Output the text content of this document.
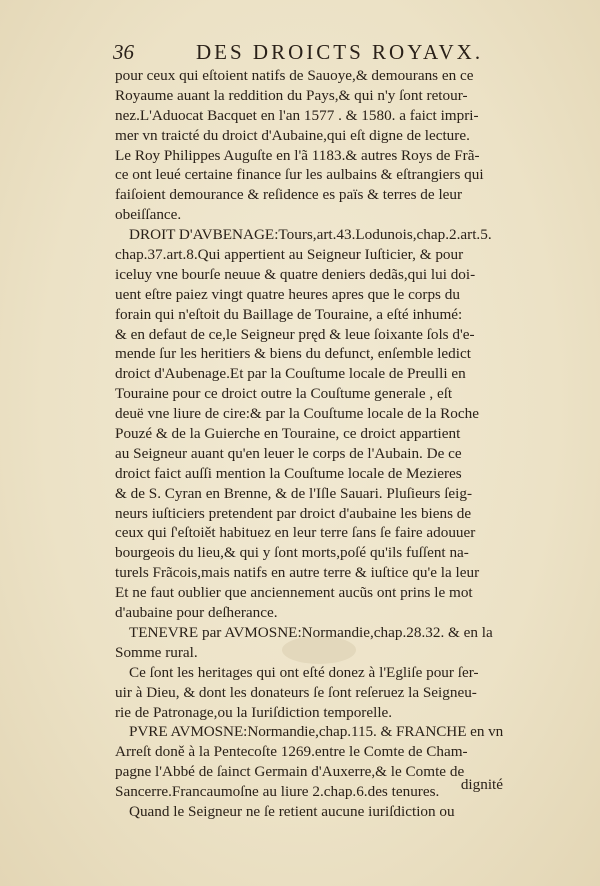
36	DES DROICTS ROYAVX.
pour ceux qui eſtoient natifs de Sauoye,& demourans en ce
Royaume auant la reddition du Pays,& qui n'y ſont retour-
nez.L'Aduocat Bacquet en l'an 1577 . & 1580. a faict impri-
mer vn traicté du droict d'Aubaine,qui eſt digne de lecture.
Le Roy Philippes Auguſte en l'ã 1183.& autres Roys de Frã-
ce ont leué certaine finance ſur les aulbains & eſtrangiers qui
faiſoient demourance & reſidence es païs & terres de leur
obeiſſance.
DROIT D'AVBENAGE:Tours,art.43.Lodunois,chap.2.art.5.
chap.37.art.8.Qui appertient au Seigneur Iuſticier, & pour
iceluy vne bourſe neuue & quatre deniers dedãs,qui lui doi-
uent eſtre paiez vingt quatre heures apres que le corps du
forain qui n'eſtoit du Baillage de Touraine, a eſté inhumé:
& en defaut de ce,le Seigneur pręd & leue ſoixante ſols d'e-
mende ſur les heritiers & biens du defunct, enſemble ledict
droict d'Aubenage.Et par la Couſtume locale de Preulli en
Touraine pour ce droict outre la Couſtume generale , eſt
deuë vne liure de cire:& par la Couſtume locale de la Roche
Pouzé & de la Guierche en Touraine, ce droict appartient
au Seigneur auant qu'en leuer le corps de l'Aubain. De ce
droict faict auſſi mention la Couſtume locale de Mezieres
& de S. Cyran en Brenne, & de l'Iſle Sauari. Pluſieurs ſeig-
neurs iuſticiers pretendent par droict d'aubaine les biens de
ceux qui ſ'eſtoiět habituez en leur terre ſans ſe faire adouuer
bourgeois du lieu,& qui y ſont morts,poſé qu'ils fuſſent na-
turels Frãcois,mais natifs en autre terre & iuſtice qu'e la leur
Et ne faut oublier que anciennement aucũs ont prins le mot
d'aubaine pour deſherance.
TENEVRE par AVMOSNE:Normandie,chap.28.32. & en la
Somme rural.
Ce ſont les heritages qui ont eſté donez à l'Egliſe pour ſer-
uir à Dieu, & dont les donateurs ſe ſont reſeruez la Seigneu-
rie de Patronage,ou la Iuriſdiction temporelle.
PVRE AVMOSNE:Normandie,chap.115. & FRANCHE en vn
Arreſt doně à la Pentecoſte 1269.entre le Comte de Cham-
pagne l'Abbé de ſainct Germain d'Auxerre,& le Comte de
Sancerre.Francaumoſne au liure 2.chap.6.des tenures.
Quand le Seigneur ne ſe retient aucune iuriſdiction ou
dignité
